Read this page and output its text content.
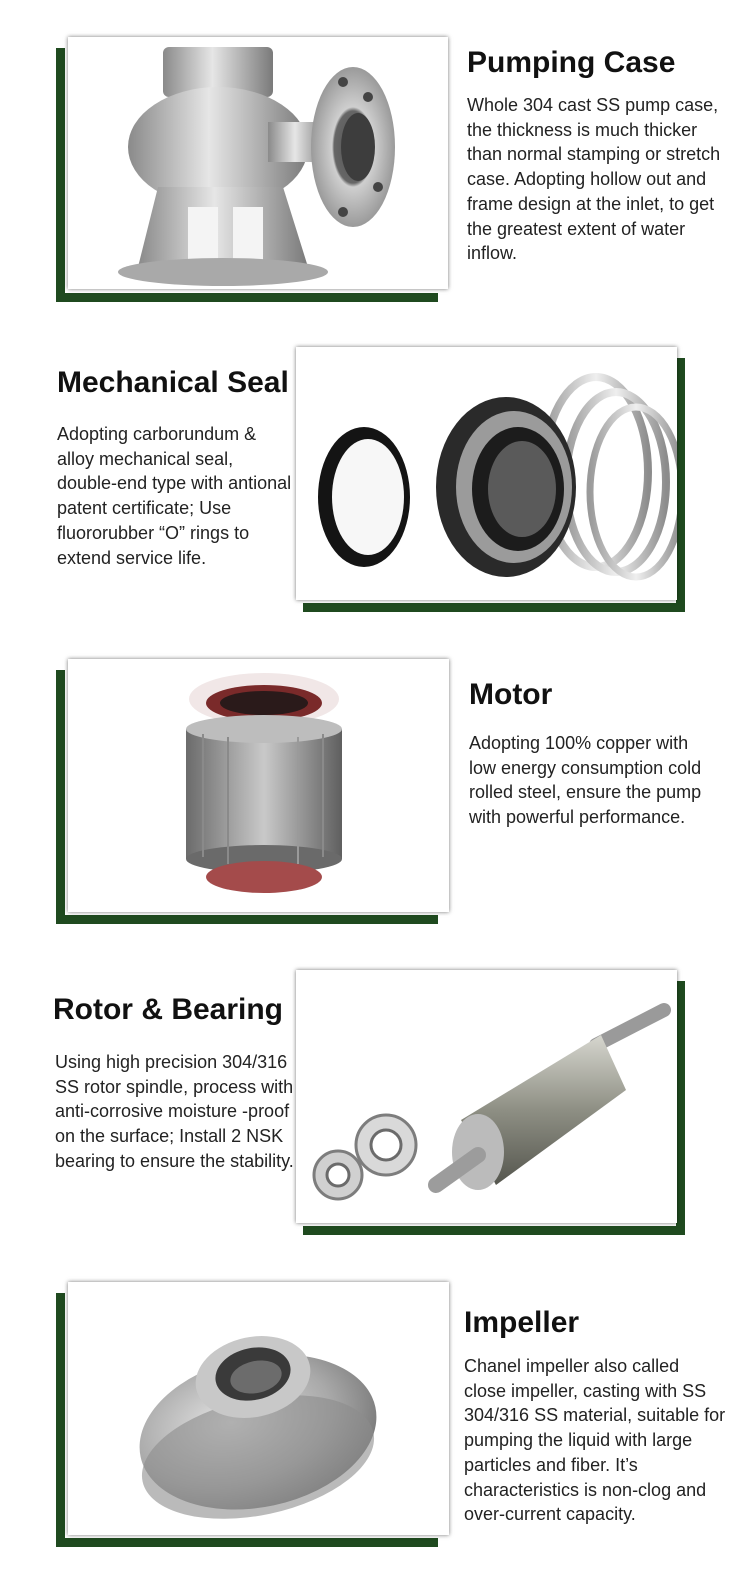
Pumping Case

Whole 304 cast SS pump case, the thickness is much thicker than normal stamping or stretch case. Adopting hollow out and frame design at the inlet, to get the greatest extent of water inflow.

Mechanical Seal

Adopting carborundum & alloy mechanical seal, double-end type with antional patent certificate; Use fluororubber “O” rings to extend service life.

Motor

Adopting 100% copper with low energy consumption cold rolled steel, ensure the pump with powerful performance.

Rotor & Bearing

Using high precision 304/316 SS rotor spindle, process with anti-corrosive moisture -proof on the surface; Install 2 NSK bearing to ensure the stability.

Impeller

Chanel impeller also called close impeller, casting with SS 304/316 SS material, suitable for pumping the liquid with large particles and fiber. It’s characteristics is non-clog and over-current capacity.
